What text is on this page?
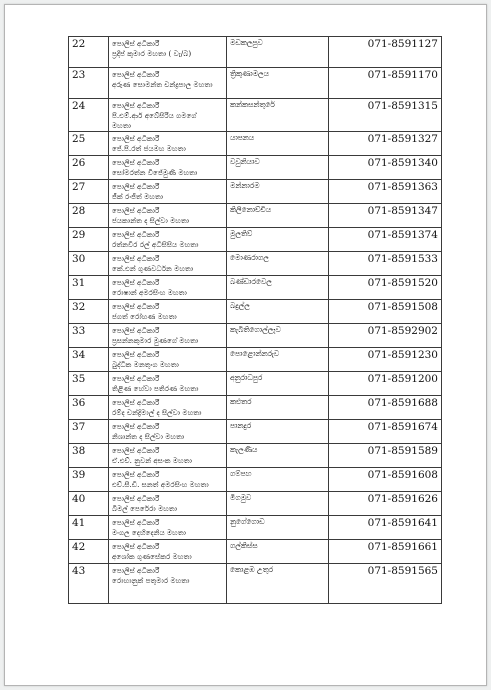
22	පොලිස් අධිකාරී
ප්‍රදීප් කුමාර මහතා ( වැ/බ)	මඩකලපුව	071-8591127
23	පොලිස් අධිකාරී
අරුණ සොමන්ත චන්ද්‍රපාල මහතා	ත්‍රිකුණාමලය	071-8591170
24	පොලිස් අධිකාරී
පී.එම්.ආර් අබේසිරිය ගමගේ
මහතා	කන්කසන්තුරේ	071-8591315
25	පොලිස් අධිකාරී
ජේ.පී.රත් ජයමහ මහතා	යාපනය	071-8591327
26	පොලිස් අධිකාරී
සෝමරත්න විජේමුණි මහතා	වවුනියාව	071-8591340
27	පොලිස් අධිකාරී
ජීක් රංජිත් මහතා	මන්නාරම	071-8591363
28	පොලිස් අධිකාරී
ජයකාන්ත ද සිල්වා මහතා	කිලිනොච්චිය	071-8591347
29	පොලිස් අධිකාරී
රත්නවීර රල් අධිසිසිය මහතා	මුලතිව්	071-8591374
30	පොලිස් අධිකාරී
කේ.එන් ගුණවර්ධන මහතා	මොණරාගල	071-8591533
31	පොලිස් අධිකාරී
රොෂාන් අමරසිංහ මහතා	බණ්ඩාරවෙල	071-8591520
32	පොලිස් අධිකාරී
ජගත් රෝහණ මහතා	බදුල්ල	071-8591508
33	පොලිස් අධිකාරී
ප්‍රසන්නකුමාර මුණගේ මහතා	කැබිතිගොල්ලෑව	071-8592902
34	පොලිස් අධිකාරී
බුද්ධික මනතුංග මහතා	පොළොන්නරුව	071-8591230
35	පොලිස් අධිකාරී
තිළිණ හේවා පතිරණ මහතා	අනුරාධපුර	071-8591200
36	පොලිස් අධිකාරී
රම්ද චන්ද්‍රිමාල් ද සිල්වා මහතා	කළුතර	071-8591688
37	පොලිස් අධිකාරී
නිශාන්ත ද සිල්වා මහතා	පානදුර	071-8591674
38	පොලිස් අධිකාරී
ඒ.එච්. නුවන් අසංක මහතා	කැලණිය	071-8591589
39	පොලිස් අධිකාරී
එච්.සී.ඩී. සනත් අමරසිංහ මහතා	ගම්පහ	071-8591608
40	පොලිස් අධිකාරී
බිමල් පෙරේරා මහතා	මීගමුව	071-8591626
41	පොලිස් අධිකාරී
මංගල දෙහිදෙනිය මහතා	නුගේගොඩ	071-8591641
42	පොලිස් අධිකාරී
අශෝක ගුණසේකර මහතා	ගල්කිස්ස	071-8591661
43	පොලිස් අධිකාරී
රොහානුක් පතුමාර මහතා	කොළඹ උතුර	071-8591565
